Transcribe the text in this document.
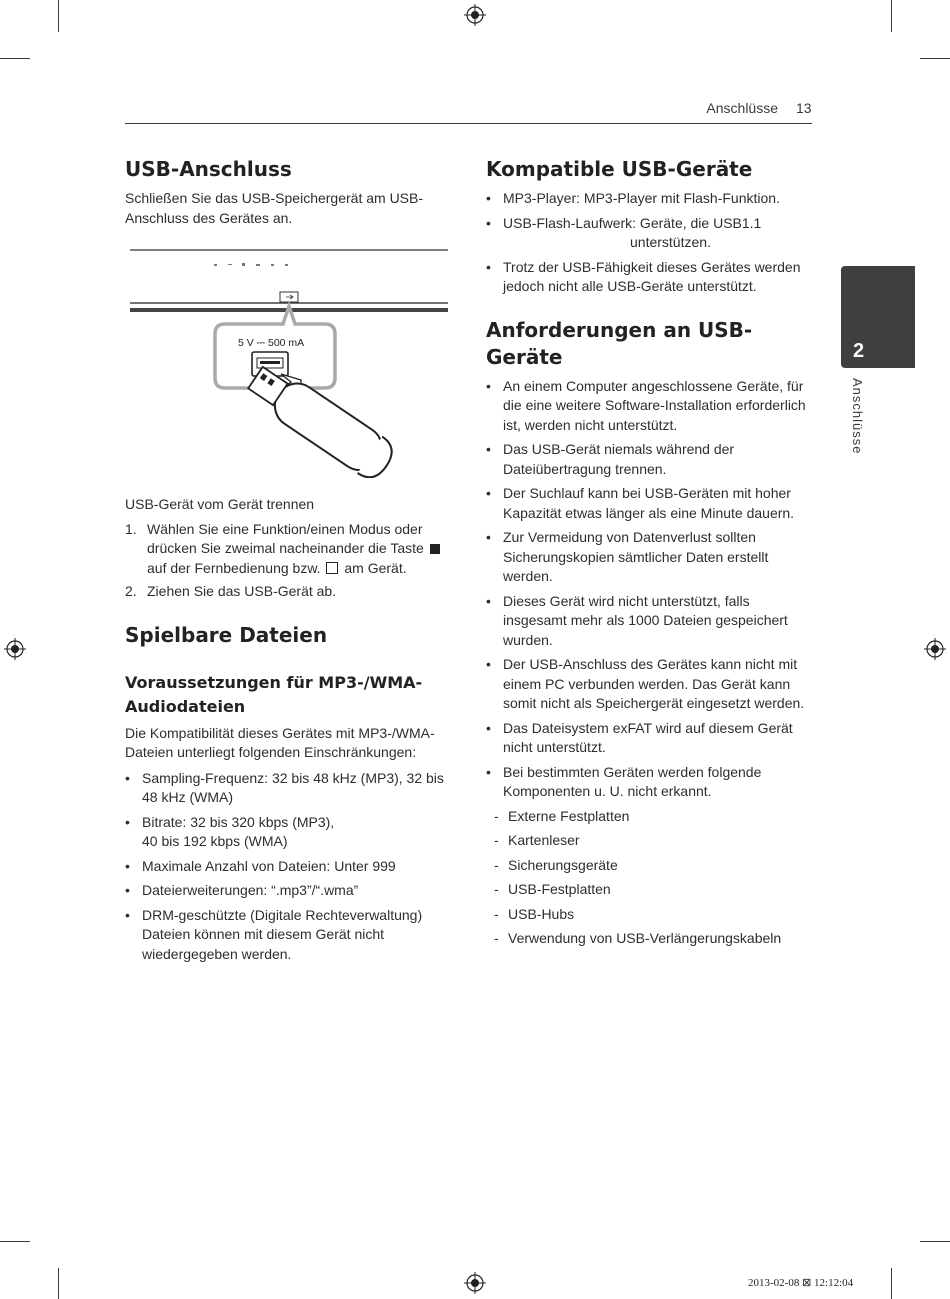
Anschlüsse 13
2
Anschlüsse
USB-Anschluss

Schließen Sie das USB-Speichergerät am USB-Anschluss des Gerätes an.

5 V ⎓ 500 mA

USB-Gerät vom Gerät trennen

1. Wählen Sie eine Funktion/einen Modus oder drücken Sie zweimal nacheinander die Taste  auf der Fernbedienung bzw. am Gerät.
2. Ziehen Sie das USB-Gerät ab.
Spielbare Dateien
Voraussetzungen für MP3-/WMA-Audiodateien

Die Kompatibilität dieses Gerätes mit MP3-/WMA-Dateien unterliegt folgenden Einschränkungen:

• Sampling-Frequenz: 32 bis 48 kHz (MP3), 32 bis 48 kHz (WMA)
• Bitrate: 32 bis 320 kbps (MP3),
40 bis 192 kbps (WMA)
• Maximale Anzahl von Dateien: Unter 999
• Dateierweiterungen: “.mp3”/“.wma”
• DRM-geschützte (Digitale Rechteverwaltung) Dateien können mit diesem Gerät nicht wiedergegeben werden.
Kompatible USB-Geräte
• MP3-Player: MP3-Player mit Flash-Funktion.
• USB-Flash-Laufwerk: Geräte, die USB1.1
unterstützen.
• Trotz der USB-Fähigkeit dieses Gerätes werden jedoch nicht alle USB-Geräte unterstützt.
Anforderungen an USB-Geräte
• An einem Computer angeschlossene Geräte, für die eine weitere Software-Installation erforderlich ist, werden nicht unterstützt.
• Das USB-Gerät niemals während der Dateiübertragung trennen.
• Der Suchlauf kann bei USB-Geräten mit hoher Kapazität etwas länger als eine Minute dauern.
• Zur Vermeidung von Datenverlust sollten Sicherungskopien sämtlicher Daten erstellt werden.
• Dieses Gerät wird nicht unterstützt, falls insgesamt mehr als 1000 Dateien gespeichert wurden.
• Der USB-Anschluss des Gerätes kann nicht mit einem PC verbunden werden. Das Gerät kann somit nicht als Speichergerät eingesetzt werden.
• Das Dateisystem exFAT wird auf diesem Gerät nicht unterstützt.
• Bei bestimmten Geräten werden folgende Komponenten u. U. nicht erkannt.
- Externe Festplatten
- Kartenleser
- Sicherungsgeräte
- USB-Festplatten
- USB-Hubs
- Verwendung von USB-Verlängerungskabeln
2013-02-08 ⊠ 12:12:04
